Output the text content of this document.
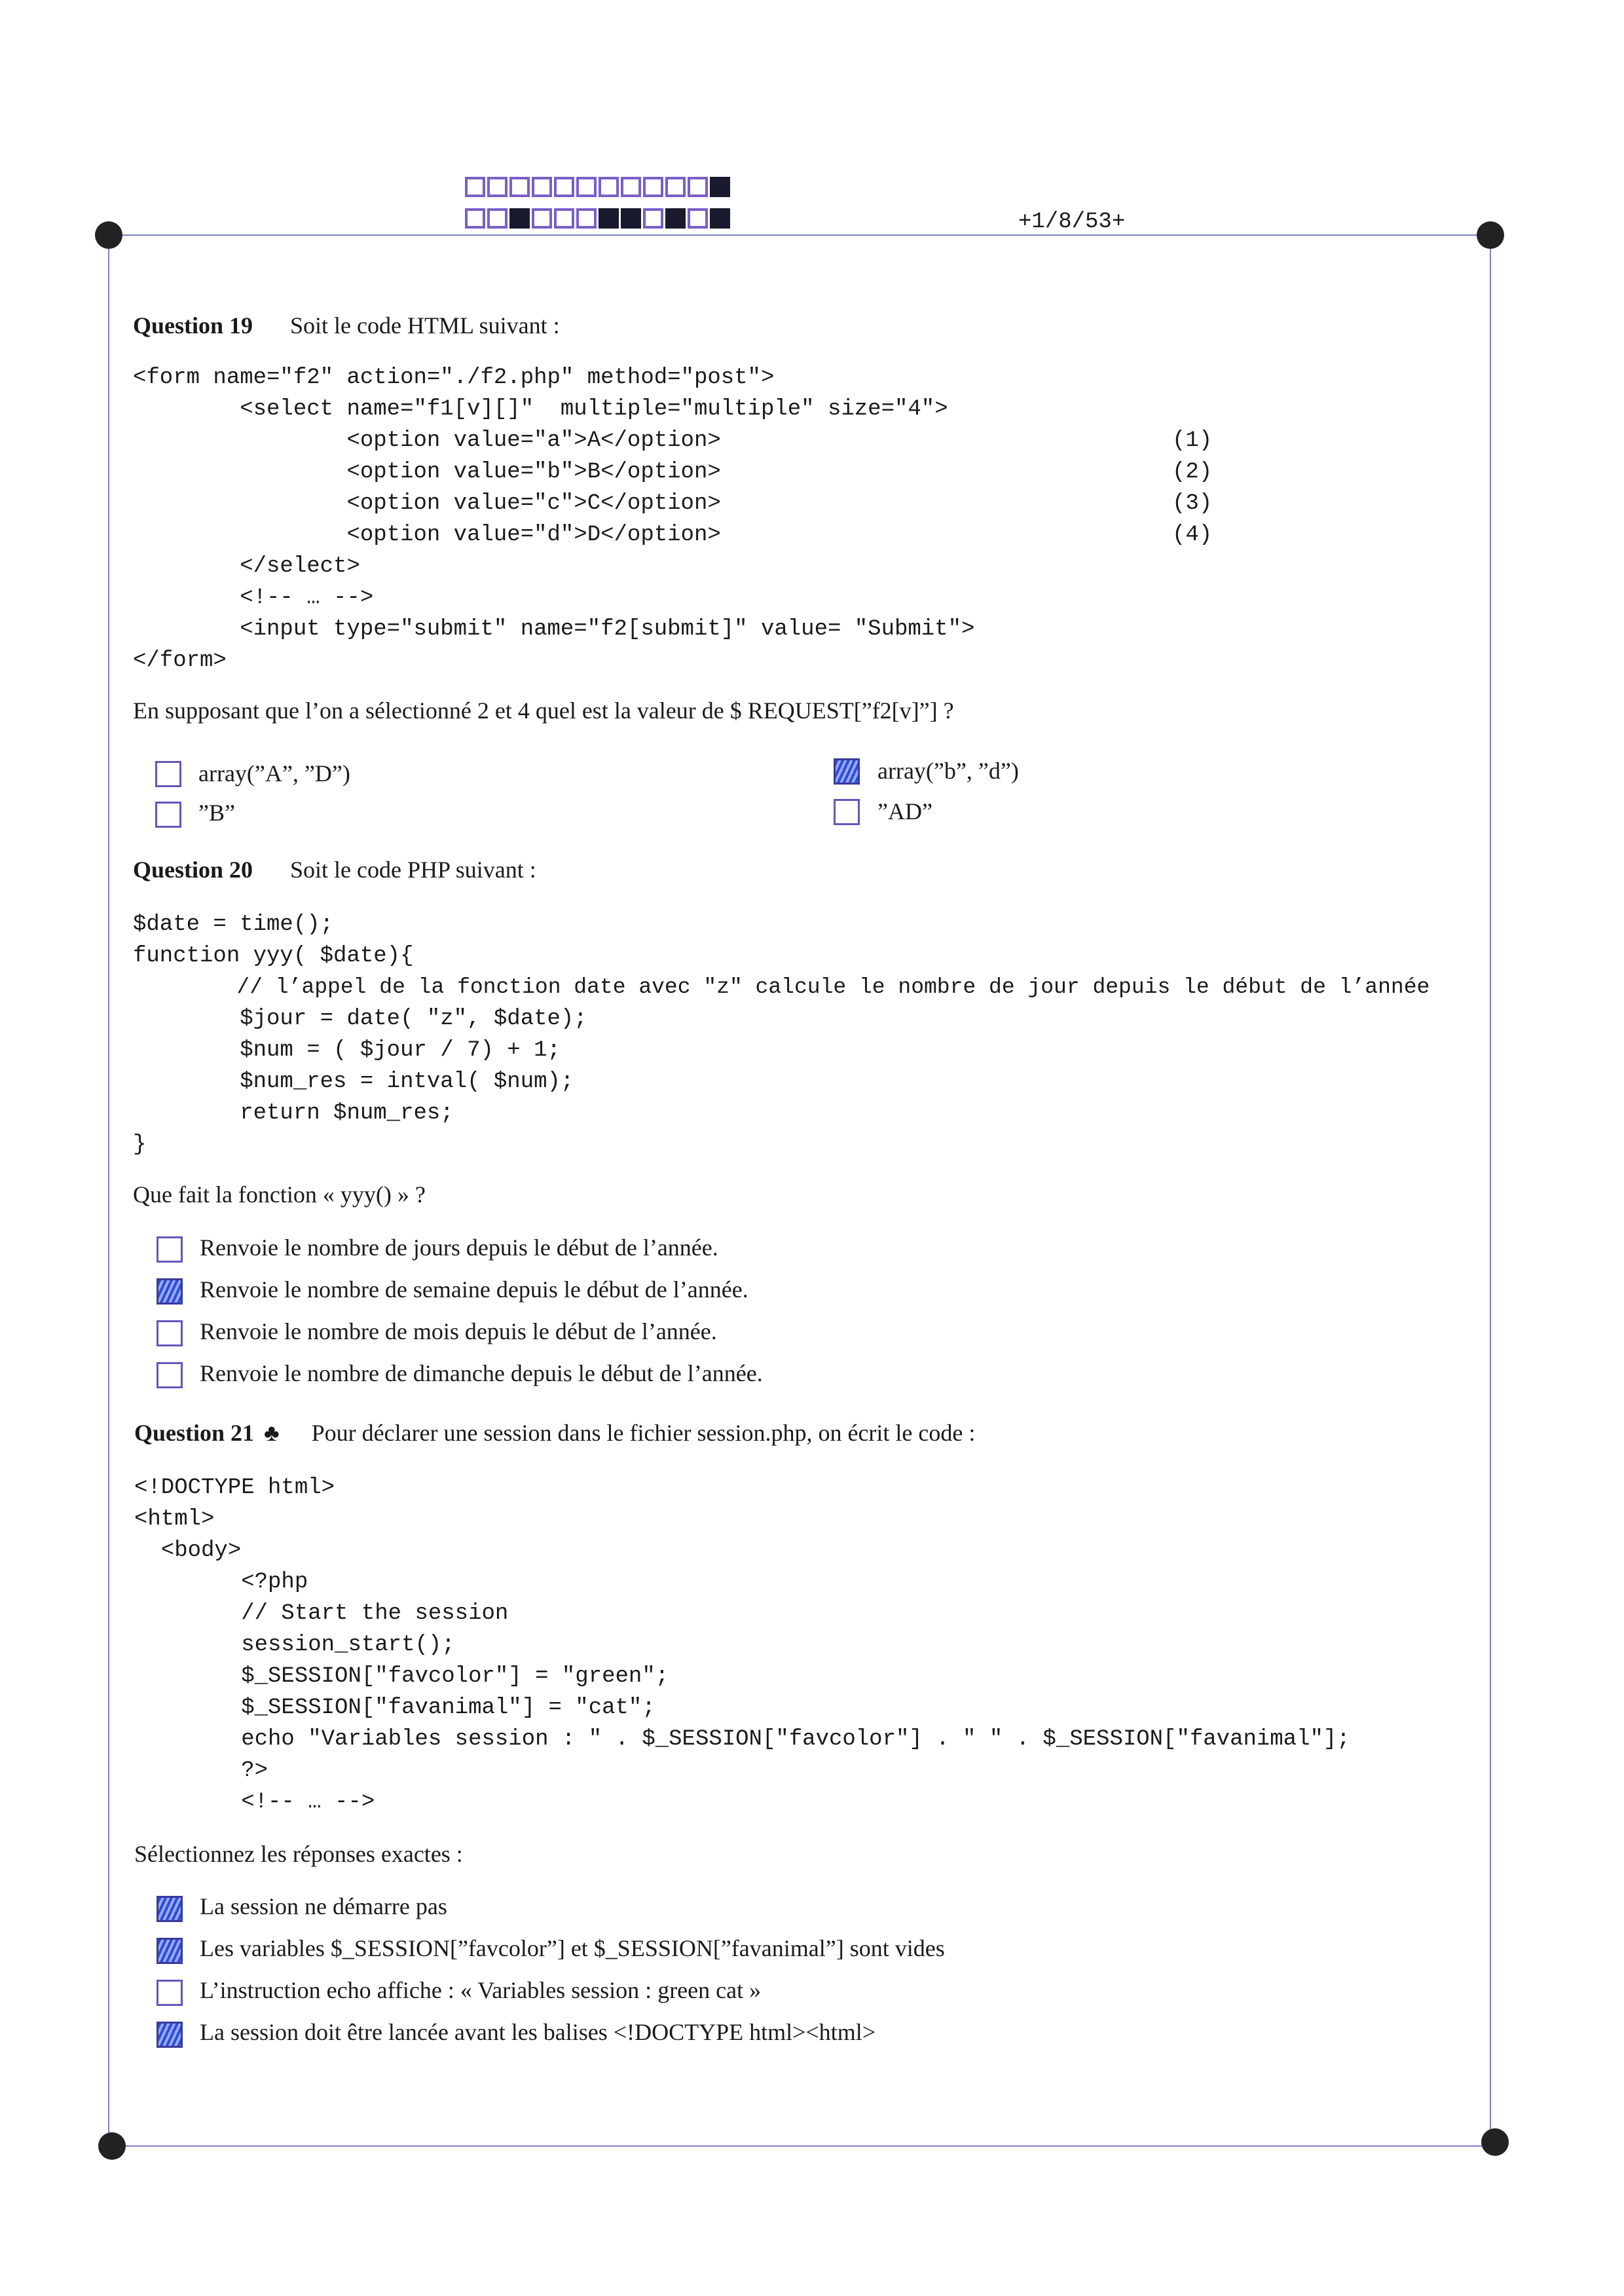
+1/8/53+
Question 19 Soit le code HTML suivant :
<form name="f2" action="./f2.php" method="post">
<select name="f1[v][]"  multiple="multiple" size="4">
<option value="a">A</option>
<option value="b">B</option>
<option value="c">C</option>
<option value="d">D</option>
</select>
<!-- … -->
<input type="submit" name="f2[submit]" value= "Submit">
</form>
(1)
(2)
(3)
(4)
En supposant que l’on a sélectionné 2 et 4 quel est la valeur de $ REQUEST[”f2[v]”] ?
array(”A”, ”D”)	array(”b”, ”d”)
”B”	”AD”
Question 20 Soit le code PHP suivant :
$date = time();
function yyy( $date){
// l’appel de la fonction date avec "z" calcule le nombre de jour depuis le début de l’année
$jour = date( "z", $date);
$num = ( $jour / 7) + 1;
$num_res = intval( $num);
return $num_res;
}
Que fait la fonction « yyy() » ?
Renvoie le nombre de jours depuis le début de l’année.
Renvoie le nombre de semaine depuis le début de l’année.
Renvoie le nombre de mois depuis le début de l’année.
Renvoie le nombre de dimanche depuis le début de l’année.
Question 21 ♣ Pour déclarer une session dans le fichier session.php, on écrit le code :
<!DOCTYPE html>
<html>
<body>
<?php
// Start the session
session_start();
$_SESSION["favcolor"] = "green";
$_SESSION["favanimal"] = "cat";
echo "Variables session : " . $_SESSION["favcolor"] . " " . $_SESSION["favanimal"];
?>
<!-- … -->
Sélectionnez les réponses exactes :
La session ne démarre pas
Les variables $_SESSION[”favcolor”] et $_SESSION[”favanimal”] sont vides
L’instruction echo affiche : « Variables session : green cat »
La session doit être lancée avant les balises <!DOCTYPE html><html>
